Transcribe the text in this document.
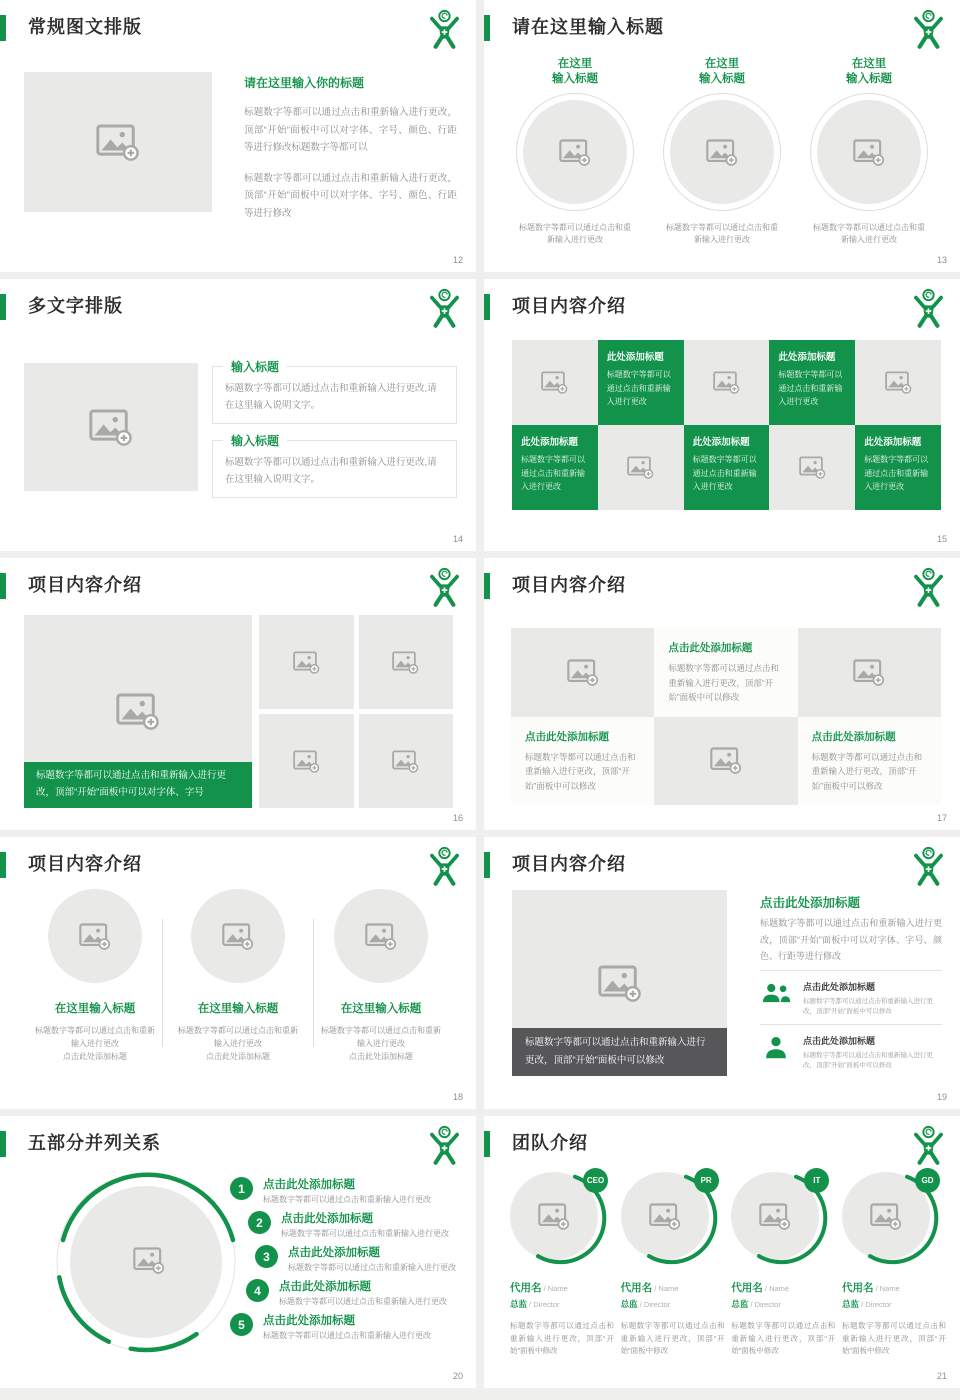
常规图文排版
请在这里输入你的标题

标题数字等都可以通过点击和重新输入进行更改，顶部“开始”面板中可以对字体、字号、颜色、行距等进行修改标题数字等都可以

标题数字等都可以通过点击和重新输入进行更改，顶部“开始”面板中可以对字体、字号、颜色、行距等进行修改

12
请在这里输入标题
在这里
输入标题
标题数字等都可以通过点击和重新输入进行更改
在这里
输入标题
标题数字等都可以通过点击和重新输入进行更改
在这里
输入标题
标题数字等都可以通过点击和重新输入进行更改
13
多文字排版
输入标题

标题数字等都可以通过点击和重新输入进行更改,请在这里输入说明文字。

输入标题

标题数字等都可以通过点击和重新输入进行更改,请在这里输入说明文字。

14
项目内容介绍
此处添加标题
标题数字等都可以通过点击和重新输入进行更改
此处添加标题
标题数字等都可以通过点击和重新输入进行更改
此处添加标题
标题数字等都可以通过点击和重新输入进行更改
此处添加标题
标题数字等都可以通过点击和重新输入进行更改
此处添加标题
标题数字等都可以通过点击和重新输入进行更改
15
项目内容介绍
标题数字等都可以通过点击和重新输入进行更改，顶部“开始”面板中可以对字体、字号
16
项目内容介绍
点击此处添加标题
标题数字等都可以通过点击和重新输入进行更改，顶部“开始”面板中可以修改
点击此处添加标题
标题数字等都可以通过点击和重新输入进行更改，顶部“开始”面板中可以修改
点击此处添加标题
标题数字等都可以通过点击和重新输入进行更改，顶部“开始”面板中可以修改
17
项目内容介绍
在这里输入标题
标题数字等都可以通过点击和重新输入进行更改
点击此处添加标题
在这里输入标题
标题数字等都可以通过点击和重新输入进行更改
点击此处添加标题
在这里输入标题
标题数字等都可以通过点击和重新输入进行更改
点击此处添加标题
18
项目内容介绍
标题数字等都可以通过点击和重新输入进行更改，顶部“开始”面板中可以修改
点击此处添加标题

标题数字等都可以通过点击和重新输入进行更改，顶部“开始”面板中可以对字体、字号、颜色、行距等进行修改

点击此处添加标题
标题数字等都可以通过点击和重新输入进行更改，顶部“开始”面板中可以修改
点击此处添加标题
标题数字等都可以通过点击和重新输入进行更改，顶部“开始”面板中可以修改
19
五部分并列关系
1	点击此处添加标题
标题数字等都可以通过点击和重新输入进行更改
2	点击此处添加标题
标题数字等都可以通过点击和重新输入进行更改
3	点击此处添加标题
标题数字等都可以通过点击和重新输入进行更改
4	点击此处添加标题
标题数字等都可以通过点击和重新输入进行更改
5	点击此处添加标题
标题数字等都可以通过点击和重新输入进行更改
20
团队介绍
CEO
代用名 / Name
总监 / Director
标题数字等都可以通过点击和重新输入进行更改，顶部“开始”面板中修改
PR
代用名 / Name
总监 / Director
标题数字等都可以通过点击和重新输入进行更改，顶部“开始”面板中修改
IT
代用名 / Name
总监 / Director
标题数字等都可以通过点击和重新输入进行更改，顶部“开始”面板中修改
GD
代用名 / Name
总监 / Director
标题数字等都可以通过点击和重新输入进行更改，顶部“开始”面板中修改
21
